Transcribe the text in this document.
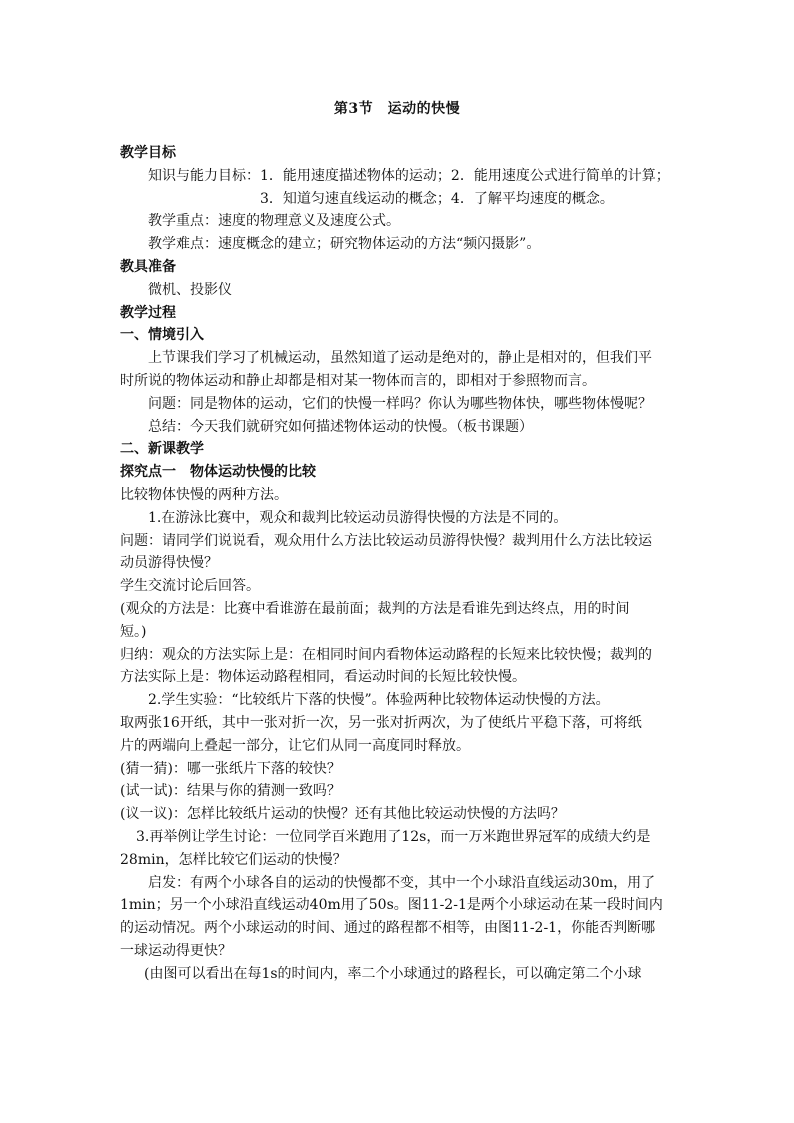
第3节　运动的快慢

教学目标

知识与能力目标：1．能用速度描述物体的运动；2．能用速度公式进行简单的计算；

3．知道匀速直线运动的概念；4．了解平均速度的概念。

教学重点：速度的物理意义及速度公式。

教学难点：速度概念的建立；研究物体运动的方法“频闪摄影”。

教具准备

微机、投影仪

教学过程

一、情境引入

上节课我们学习了机械运动，虽然知道了运动是绝对的，静止是相对的，但我们平

时所说的物体运动和静止却都是相对某一物体而言的，即相对于参照物而言。

问题：同是物体的运动，它们的快慢一样吗？你认为哪些物体快，哪些物体慢呢？

总结：今天我们就研究如何描述物体运动的快慢。（板书课题）

二、新课教学

探究点一　物体运动快慢的比较

比较物体快慢的两种方法。

1.在游泳比赛中，观众和裁判比较运动员游得快慢的方法是不同的。

问题：请同学们说说看，观众用什么方法比较运动员游得快慢？裁判用什么方法比较运

动员游得快慢？

学生交流讨论后回答。

(观众的方法是：比赛中看谁游在最前面；裁判的方法是看谁先到达终点，用的时间

短。)

归纳：观众的方法实际上是：在相同时间内看物体运动路程的长短来比较快慢；裁判的

方法实际上是：物体运动路程相同，看运动时间的长短比较快慢。

2.学生实验：“比较纸片下落的快慢”。体验两种比较物体运动快慢的方法。

取两张16开纸，其中一张对折一次，另一张对折两次，为了使纸片平稳下落，可将纸

片的两端向上叠起一部分，让它们从同一高度同时释放。

(猜一猜)：哪一张纸片下落的较快？

(试一试)：结果与你的猜测一致吗？

(议一议)：怎样比较纸片运动的快慢？还有其他比较运动快慢的方法吗？

3.再举例让学生讨论：一位同学百米跑用了12s，而一万米跑世界冠军的成绩大约是

28min，怎样比较它们运动的快慢？

启发：有两个小球各自的运动的快慢都不变，其中一个小球沿直线运动30m，用了

1min；另一个小球沿直线运动40m用了50s。图11-2-1是两个小球运动在某一段时间内

的运动情况。两个小球运动的时间、通过的路程都不相等，由图11-2-1，你能否判断哪

一球运动得更快？

(由图可以看出在每1s的时间内，率二个小球通过的路程长，可以确定第二个小球
